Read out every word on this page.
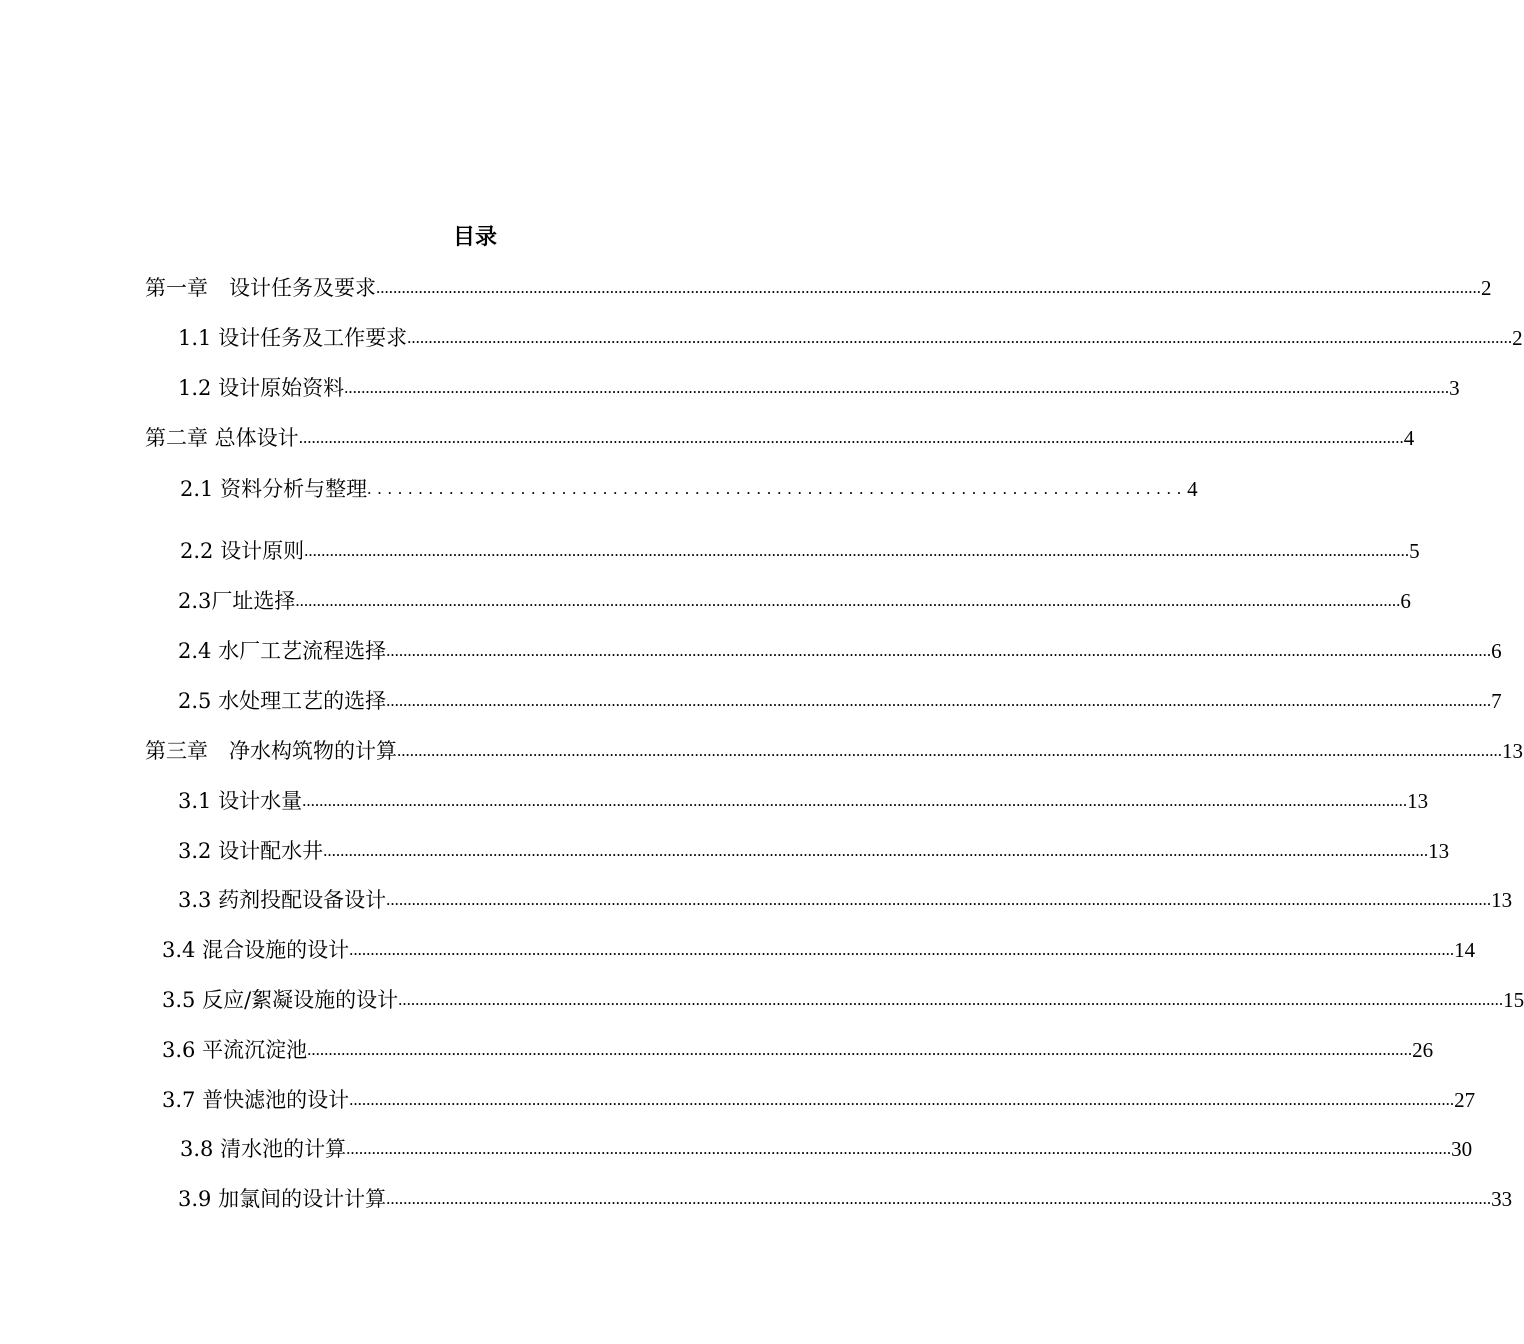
目录
第一章　设计任务及要求 .................................................................................................................................................................................................................................................................... 2
1.1 设计任务及工作要求 .................................................................................................................................................................................................................................................................... 2
1.2 设计原始资料 .................................................................................................................................................................................................................................................................... 3
第二章 总体设计 .................................................................................................................................................................................................................................................................... 4
2.1 资料分析与整理 ................................................................................ 4
2.2 设计原则 .................................................................................................................................................................................................................................................................... 5
2.3厂址选择 .................................................................................................................................................................................................................................................................... 6
2.4 水厂工艺流程选择 .................................................................................................................................................................................................................................................................... 6
2.5 水处理工艺的选择 .................................................................................................................................................................................................................................................................... 7
第三章　净水构筑物的计算 .................................................................................................................................................................................................................................................................... 13
3.1 设计水量 .................................................................................................................................................................................................................................................................... 13
3.2 设计配水井 .................................................................................................................................................................................................................................................................... 13
3.3 药剂投配设备设计 .................................................................................................................................................................................................................................................................... 13
3.4 混合设施的设计 .................................................................................................................................................................................................................................................................... 14
3.5 反应/絮凝设施的设计 .................................................................................................................................................................................................................................................................... 15
3.6 平流沉淀池 .................................................................................................................................................................................................................................................................... 26
3.7 普快滤池的设计 .................................................................................................................................................................................................................................................................... 27
3.8 清水池的计算 .................................................................................................................................................................................................................................................................... 30
3.9 加氯间的设计计算 .................................................................................................................................................................................................................................................................... 33
